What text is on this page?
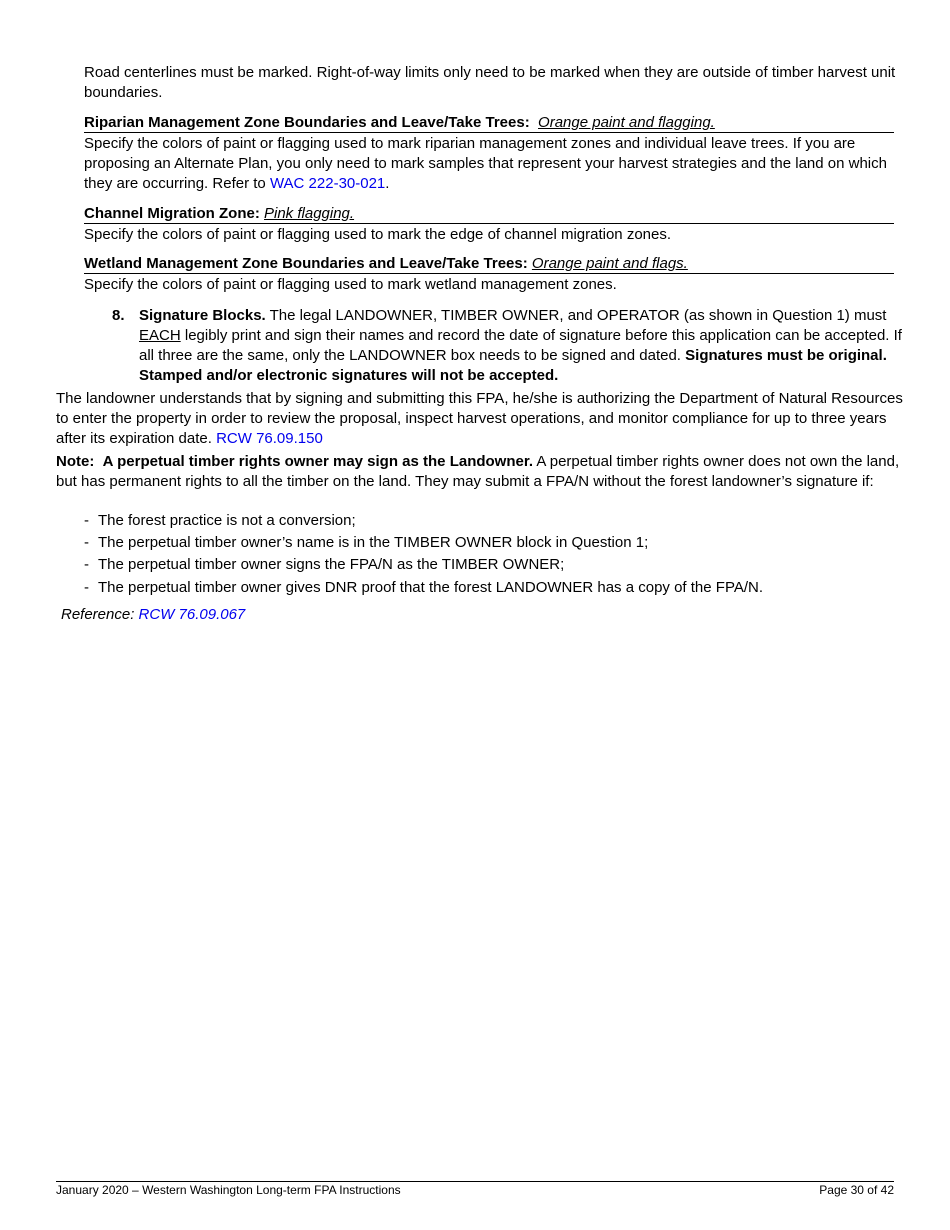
Road centerlines must be marked. Right-of-way limits only need to be marked when they are outside of timber harvest unit boundaries.

Riparian Management Zone Boundaries and Leave/Take Trees: Orange paint and flagging.

Specify the colors of paint or flagging used to mark riparian management zones and individual leave trees. If you are proposing an Alternate Plan, you only need to mark samples that represent your harvest strategies and the land on which they are occurring. Refer to WAC 222-30-021.

Channel Migration Zone: Pink flagging.

Specify the colors of paint or flagging used to mark the edge of channel migration zones.

Wetland Management Zone Boundaries and Leave/Take Trees: Orange paint and flags.

Specify the colors of paint or flagging used to mark wetland management zones.

8. Signature Blocks. The legal LANDOWNER, TIMBER OWNER, and OPERATOR (as shown in Question 1) must EACH legibly print and sign their names and record the date of signature before this application can be accepted. If all three are the same, only the LANDOWNER box needs to be signed and dated. Signatures must be original. Stamped and/or electronic signatures will not be accepted.

The landowner understands that by signing and submitting this FPA, he/she is authorizing the Department of Natural Resources to enter the property in order to review the proposal, inspect harvest operations, and monitor compliance for up to three years after its expiration date. RCW 76.09.150

Note: A perpetual timber rights owner may sign as the Landowner. A perpetual timber rights owner does not own the land, but has permanent rights to all the timber on the land. They may submit a FPA/N without the forest landowner’s signature if:

- The forest practice is not a conversion;
- The perpetual timber owner’s name is in the TIMBER OWNER block in Question 1;
- The perpetual timber owner signs the FPA/N as the TIMBER OWNER;
- The perpetual timber owner gives DNR proof that the forest LANDOWNER has a copy of the FPA/N.

Reference: RCW 76.09.067

January 2020 – Western Washington Long-term FPA Instructions	Page 30 of 42
